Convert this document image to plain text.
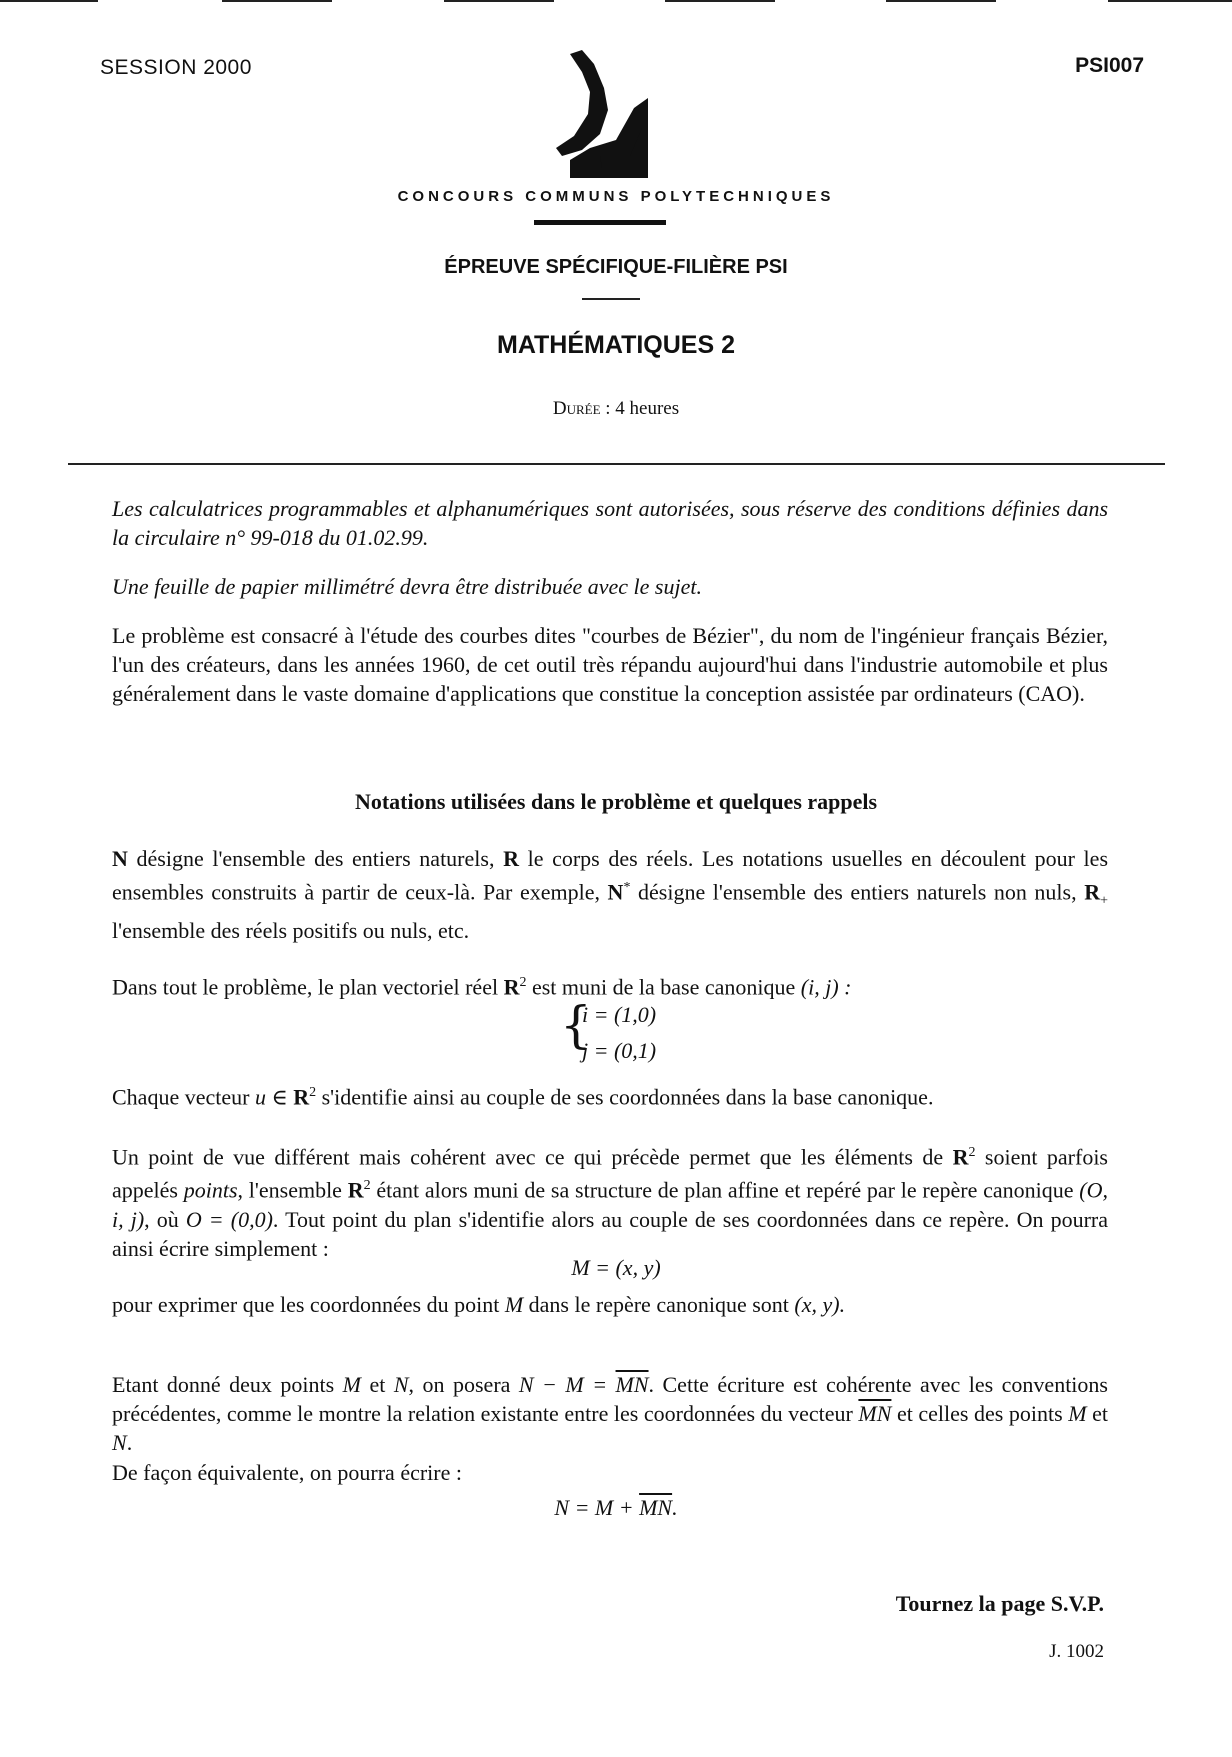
SESSION 2000	PSI007
CONCOURS COMMUNS POLYTECHNIQUES
ÉPREUVE SPÉCIFIQUE-FILIÈRE PSI
MATHÉMATIQUES 2
Durée : 4 heures
Les calculatrices programmables et alphanumériques sont autorisées, sous réserve des conditions définies dans la circulaire n° 99-018 du 01.02.99.
Une feuille de papier millimétré devra être distribuée avec le sujet.
Le problème est consacré à l'étude des courbes dites "courbes de Bézier", du nom de l'ingénieur français Bézier, l'un des créateurs, dans les années 1960, de cet outil très répandu aujourd'hui dans l'industrie automobile et plus généralement dans le vaste domaine d'applications que constitue la conception assistée par ordinateurs (CAO).
Notations utilisées dans le problème et quelques rappels
N désigne l'ensemble des entiers naturels, R le corps des réels. Les notations usuelles en découlent pour les ensembles construits à partir de ceux-là. Par exemple, N* désigne l'ensemble des entiers naturels non nuls, $R_+$ l'ensemble des réels positifs ou nuls, etc.
Dans tout le problème, le plan vectoriel réel $R^2$ est muni de la base canonique (i, j) :
{
i = (1,0)
j = (0,1)
Chaque vecteur u ∈ $R^2$ s'identifie ainsi au couple de ses coordonnées dans la base canonique.
Un point de vue différent mais cohérent avec ce qui précède permet que les éléments de $R^2$ soient parfois appelés points, l'ensemble $R^2$ étant alors muni de sa structure de plan affine et repéré par le repère canonique (O, i, j), où O = (0,0). Tout point du plan s'identifie alors au couple de ses coordonnées dans ce repère. On pourra ainsi écrire simplement :
M = (x, y)
pour exprimer que les coordonnées du point M dans le repère canonique sont (x, y).
Etant donné deux points M et N, on posera $N - M = \overline{MN}$. Cette écriture est cohérente avec les conventions précédentes, comme le montre la relation existante entre les coordonnées du vecteur $\overline{MN}$ et celles des points M et N.
De façon équivalente, on pourra écrire :
$N = M + \overline{MN}$.
Tournez la page S.V.P.
J. 1002
